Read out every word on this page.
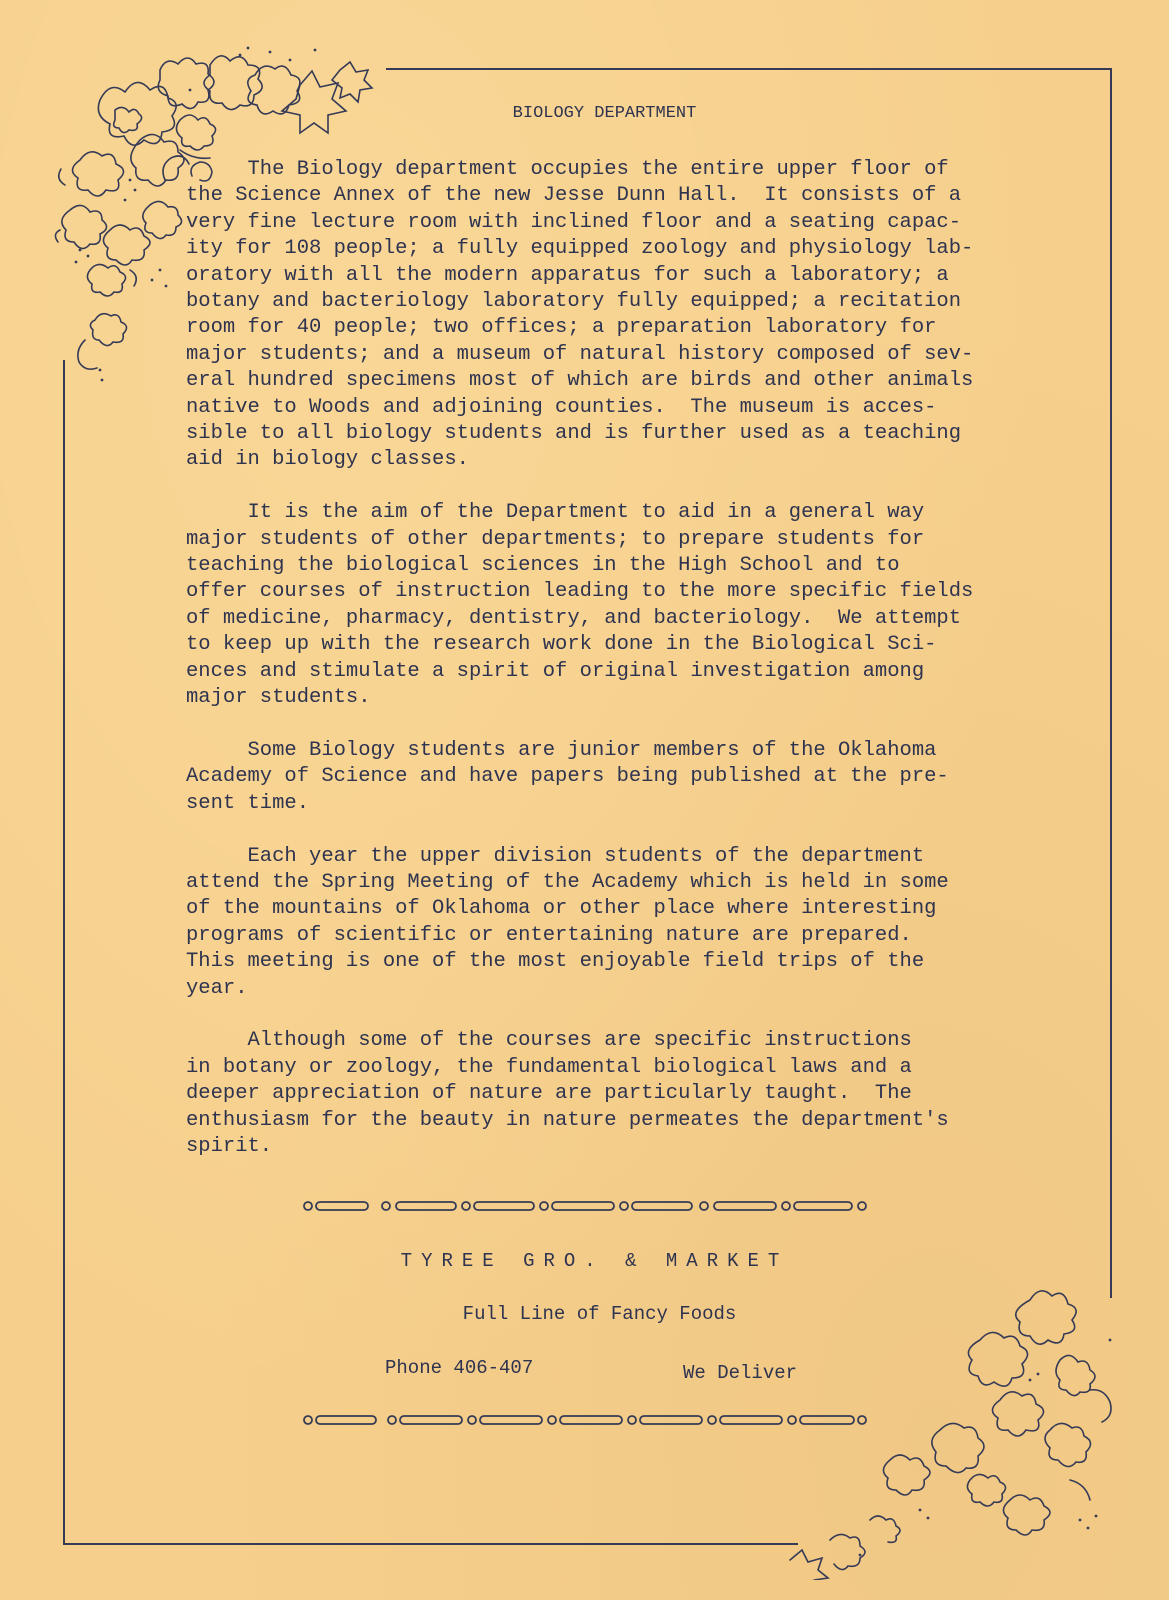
BIOLOGY DEPARTMENT
The Biology department occupies the entire upper floor of
the Science Annex of the new Jesse Dunn Hall.  It consists of a
very fine lecture room with inclined floor and a seating capac-
ity for 108 people; a fully equipped zoology and physiology lab-
oratory with all the modern apparatus for such a laboratory; a
botany and bacteriology laboratory fully equipped; a recitation
room for 40 people; two offices; a preparation laboratory for
major students; and a museum of natural history composed of sev-
eral hundred specimens most of which are birds and other animals
native to Woods and adjoining counties.  The museum is acces-
sible to all biology students and is further used as a teaching
aid in biology classes.
It is the aim of the Department to aid in a general way
major students of other departments; to prepare students for
teaching the biological sciences in the High School and to
offer courses of instruction leading to the more specific fields
of medicine, pharmacy, dentistry, and bacteriology.  We attempt
to keep up with the research work done in the Biological Sci-
ences and stimulate a spirit of original investigation among
major students.
Some Biology students are junior members of the Oklahoma
Academy of Science and have papers being published at the pre-
sent time.
Each year the upper division students of the department
attend the Spring Meeting of the Academy which is held in some
of the mountains of Oklahoma or other place where interesting
programs of scientific or entertaining nature are prepared.
This meeting is one of the most enjoyable field trips of the
year.
Although some of the courses are specific instructions
in botany or zoology, the fundamental biological laws and a
deeper appreciation of nature are particularly taught.  The
enthusiasm for the beauty in nature permeates the department's
spirit.
TYREE GRO. & MARKET
Full Line of Fancy Foods
Phone 406-407	We Deliver
